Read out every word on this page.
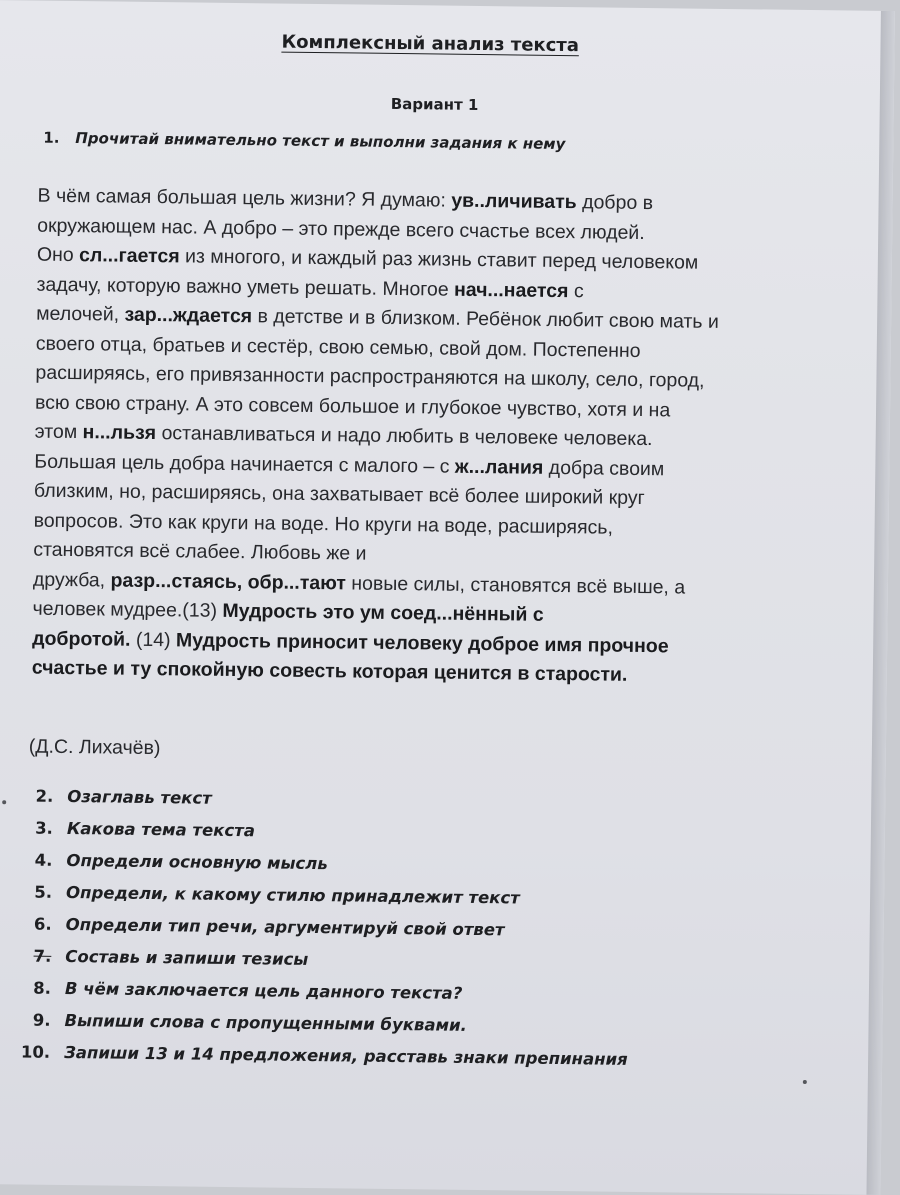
Комплексный анализ текста
Вариант 1
1. Прочитай внимательно текст и выполни задания к нему
В чём самая большая цель жизни? Я думаю: ув..личивать добро в
окружающем нас. А добро – это прежде всего счастье всех людей.
Оно сл...гается из многого, и каждый раз жизнь ставит перед человеком
задачу, которую важно уметь решать. Многое нач...нается с
мелочей, зар...ждается в детстве и в близком. Ребёнок любит свою мать и
своего отца, братьев и сестёр, свою семью, свой дом. Постепенно
расширяясь, его привязанности распространяются на школу, село, город,
всю свою страну. А это совсем большое и глубокое чувство, хотя и на
этом н...льзя останавливаться и надо любить в человеке человека.
Большая цель добра начинается с малого – с ж...лания добра своим
близким, но, расширяясь, она захватывает всё более широкий круг
вопросов. Это как круги на воде. Но круги на воде, расширяясь,
становятся всё слабее. Любовь же и
дружба, разр...стаясь, обр...тают новые силы, становятся всё выше, а
человек мудрее.(13) Мудрость это ум соед...нённый с
добротой. (14) Мудрость приносит человеку доброе имя прочное
счастье и ту спокойную совесть которая ценится в старости.
(Д.С. Лихачёв)
2. Озаглавь текст
3. Какова тема текста
4. Определи основную мысль
5. Определи, к какому стилю принадлежит текст
6. Определи тип речи, аргументируй свой ответ
7. Составь и запиши тезисы
8. В чём заключается цель данного текста?
9. Выпиши слова с пропущенными буквами.
10. Запиши 13 и 14 предложения, расставь знаки препинания
